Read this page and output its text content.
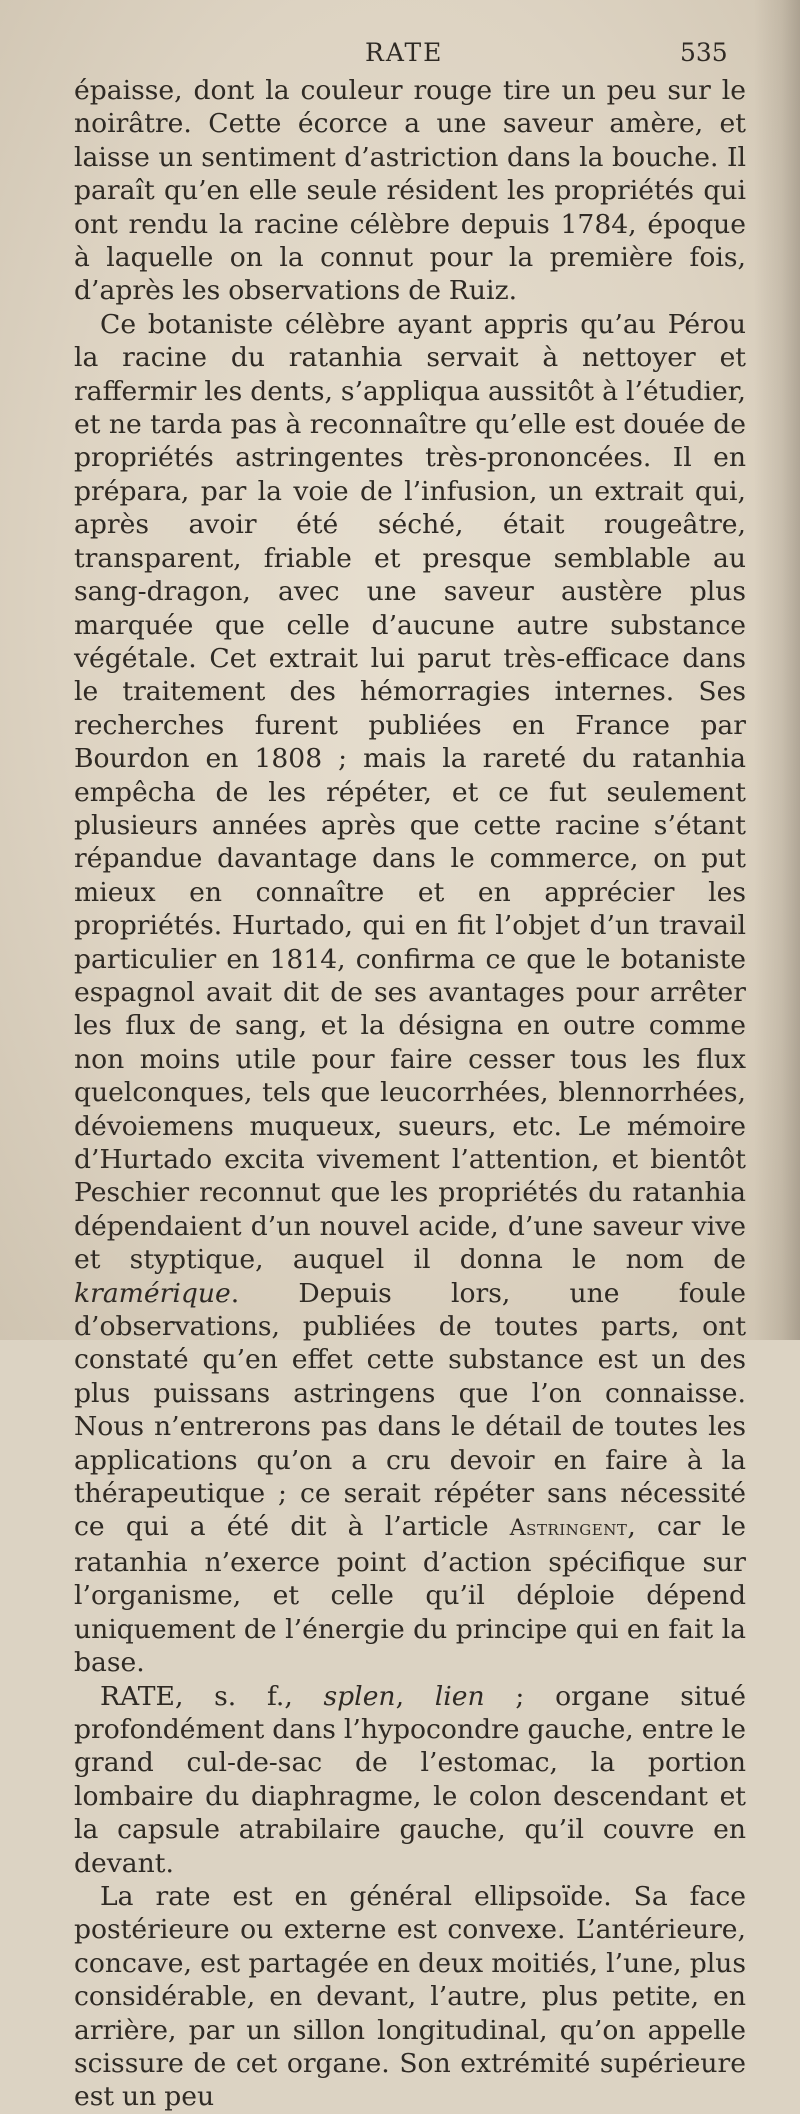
RATE	535

épaisse, dont la couleur rouge tire un peu sur le noirâtre. Cette écorce a une saveur amère, et laisse un sentiment d’astriction dans la bouche. Il paraît qu’en elle seule résident les propriétés qui ont rendu la racine célèbre depuis 1784, époque à laquelle on la connut pour la première fois, d’après les observations de Ruiz.

Ce botaniste célèbre ayant appris qu’au Pérou la racine du ratanhia servait à nettoyer et raffermir les dents, s’appliqua aussitôt à l’étudier, et ne tarda pas à reconnaître qu’elle est douée de propriétés astringentes très-prononcées. Il en prépara, par la voie de l’infusion, un extrait qui, après avoir été séché, était rougeâtre, transparent, friable et presque semblable au sang-dragon, avec une saveur austère plus marquée que celle d’aucune autre substance végétale. Cet extrait lui parut très-efficace dans le traitement des hémorragies internes. Ses recherches furent publiées en France par Bourdon en 1808 ; mais la rareté du ratanhia empêcha de les répéter, et ce fut seulement plusieurs années après que cette racine s’étant répandue davantage dans le commerce, on put mieux en connaître et en apprécier les propriétés. Hurtado, qui en fit l’objet d’un travail particulier en 1814, confirma ce que le botaniste espagnol avait dit de ses avantages pour arrêter les flux de sang, et la désigna en outre comme non moins utile pour faire cesser tous les flux quelconques, tels que leucorrhées, blennorrhées, dévoiemens muqueux, sueurs, etc. Le mémoire d’Hurtado excita vivement l’attention, et bientôt Peschier reconnut que les propriétés du ratanhia dépendaient d’un nouvel acide, d’une saveur vive et styptique, auquel il donna le nom de kramérique. Depuis lors, une foule d’observations, publiées de toutes parts, ont constaté qu’en effet cette substance est un des plus puissans astringens que l’on connaisse. Nous n’entrerons pas dans le détail de toutes les applications qu’on a cru devoir en faire à la thérapeutique ; ce serait répéter sans nécessité ce qui a été dit à l’article Astringent, car le ratanhia n’exerce point d’action spécifique sur l’organisme, et celle qu’il déploie dépend uniquement de l’énergie du principe qui en fait la base.

RATE, s. f., splen, lien ; organe situé profondément dans l’hypocondre gauche, entre le grand cul-de-sac de l’estomac, la portion lombaire du diaphragme, le colon descendant et la capsule atrabilaire gauche, qu’il couvre en devant.

La rate est en général ellipsoïde. Sa face postérieure ou externe est convexe. L’antérieure, concave, est partagée en deux moitiés, l’une, plus considérable, en devant, l’autre, plus petite, en arrière, par un sillon longitudinal, qu’on appelle scissure de cet organe. Son extrémité supérieure est un peu
